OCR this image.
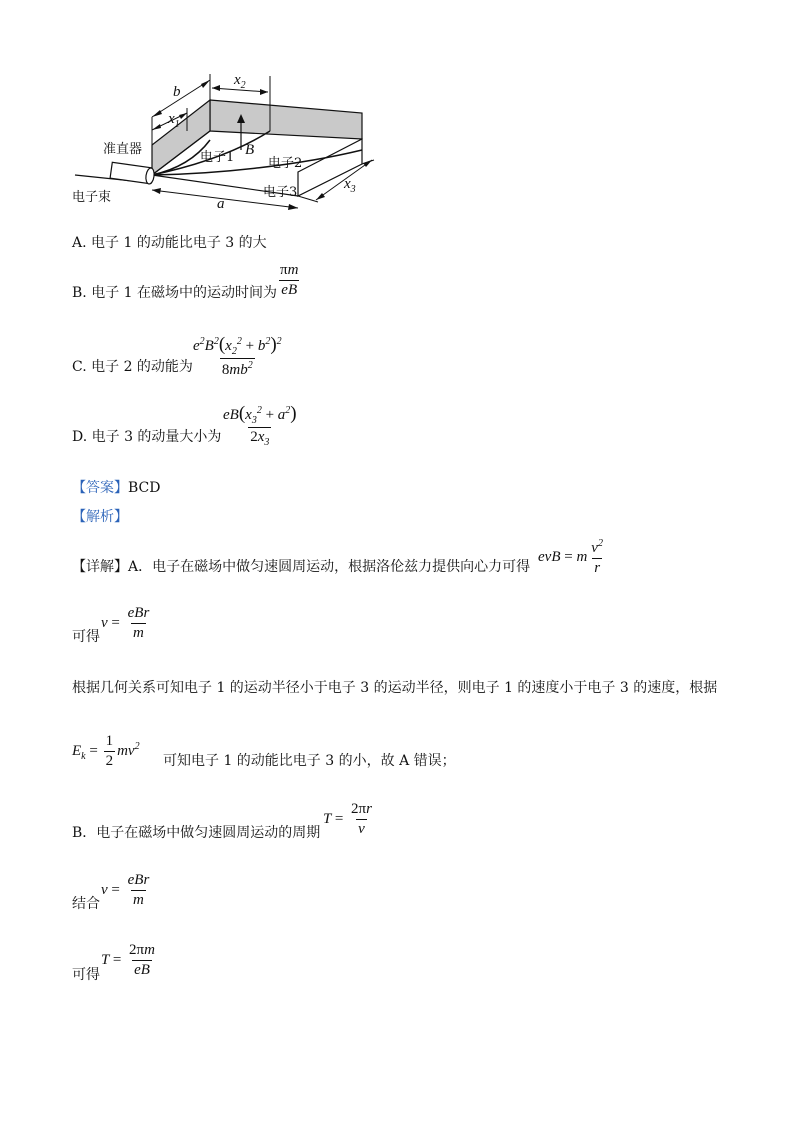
b
$x_1$
$x_2$
$x_3$
a
B
准直器
电子束
电子1	电子2
电子3
A. 电子 1 的动能比电子 3 的大
B. 电子 1 在磁场中的运动时间为 $\frac{\pi m}{eB}$
C. 电子 2 的动能为
$\frac{e^2B^2(x_2^2 + b^2)^2}{8mb^2}$
D. 电子 3 的动量大小为 $\frac{eB(x_3^2 + a^2)}{2x_3}$
【答案】BCD
【解析】
【详解】A．电子在磁场中做匀速圆周运动，根据洛伦兹力提供向心力可得
evB = m $\frac{v^2}{r}$
可得
$v = \frac{\text{eBr}}{m}$
根据几何关系可知电子 1 的运动半径小于电子 3 的运动半径，则电子 1 的速度小于电子 3 的速度，根据
$E_k = \frac{1}{2} mv^2$
可知电子 1 的动能比电子 3 的小，故 A 错误；
B．电子在磁场中做匀速圆周运动的周期
$T = \frac{2\pi r}{v}$
结合
$v = \frac{\text{eBr}}{m}$
可得
$T = \frac{2\pi m}{eB}$
